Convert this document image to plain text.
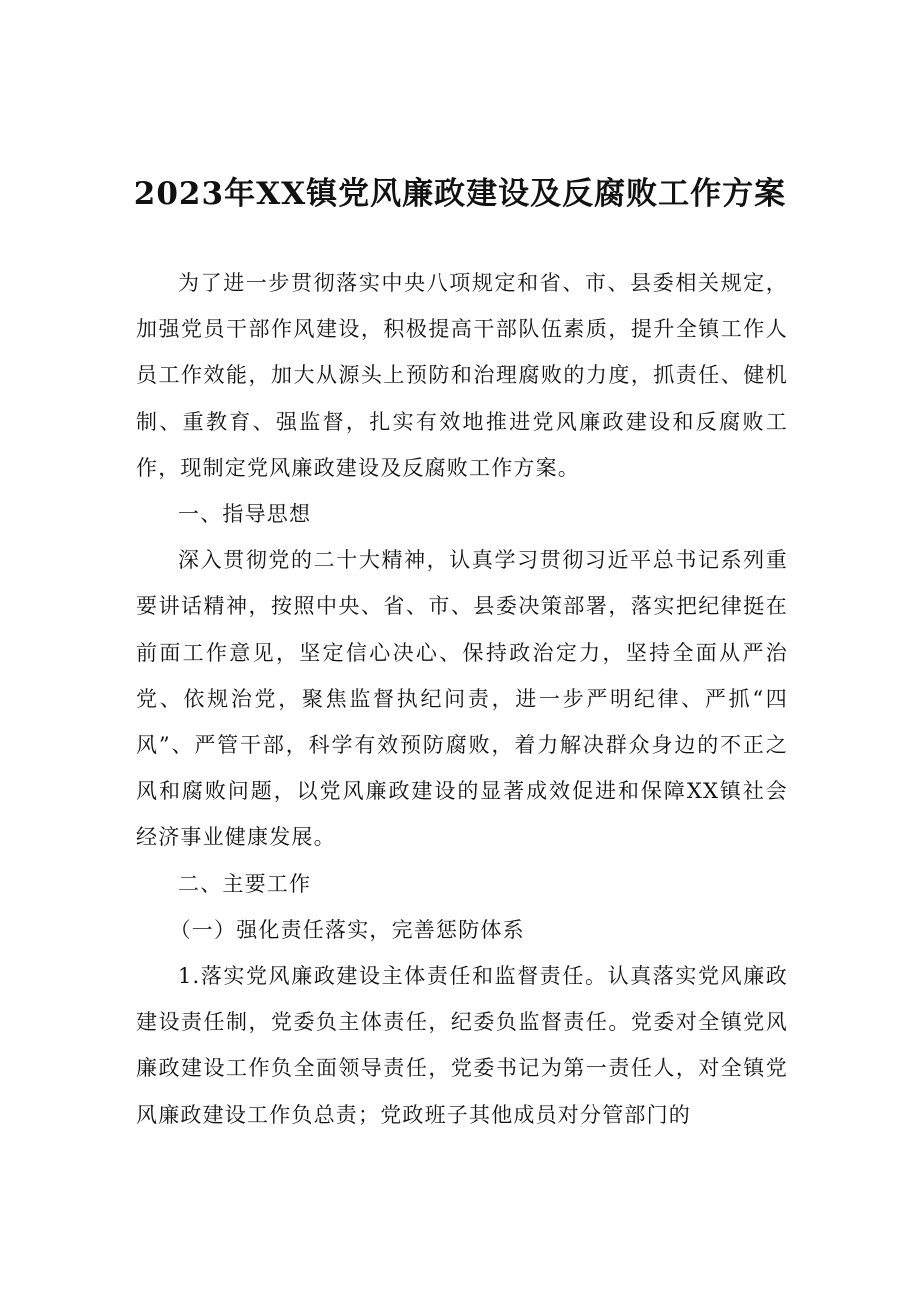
2023年XX镇党风廉政建设及反腐败工作方案

为了进一步贯彻落实中央八项规定和省、市、县委相关规定，加强党员干部作风建设，积极提高干部队伍素质，提升全镇工作人员工作效能，加大从源头上预防和治理腐败的力度，抓责任、健机制、重教育、强监督，扎实有效地推进党风廉政建设和反腐败工作，现制定党风廉政建设及反腐败工作方案。

一、指导思想

深入贯彻党的二十大精神，认真学习贯彻习近平总书记系列重要讲话精神，按照中央、省、市、县委决策部署，落实把纪律挺在前面工作意见，坚定信心决心、保持政治定力，坚持全面从严治党、依规治党，聚焦监督执纪问责，进一步严明纪律、严抓“四风”、严管干部，科学有效预防腐败，着力解决群众身边的不正之风和腐败问题，以党风廉政建设的显著成效促进和保障XX镇社会经济事业健康发展。

二、主要工作

（一）强化责任落实，完善惩防体系

1.落实党风廉政建设主体责任和监督责任。认真落实党风廉政建设责任制，党委负主体责任，纪委负监督责任。党委对全镇党风廉政建设工作负全面领导责任，党委书记为第一责任人，对全镇党风廉政建设工作负总责；党政班子其他成员对分管部门的
